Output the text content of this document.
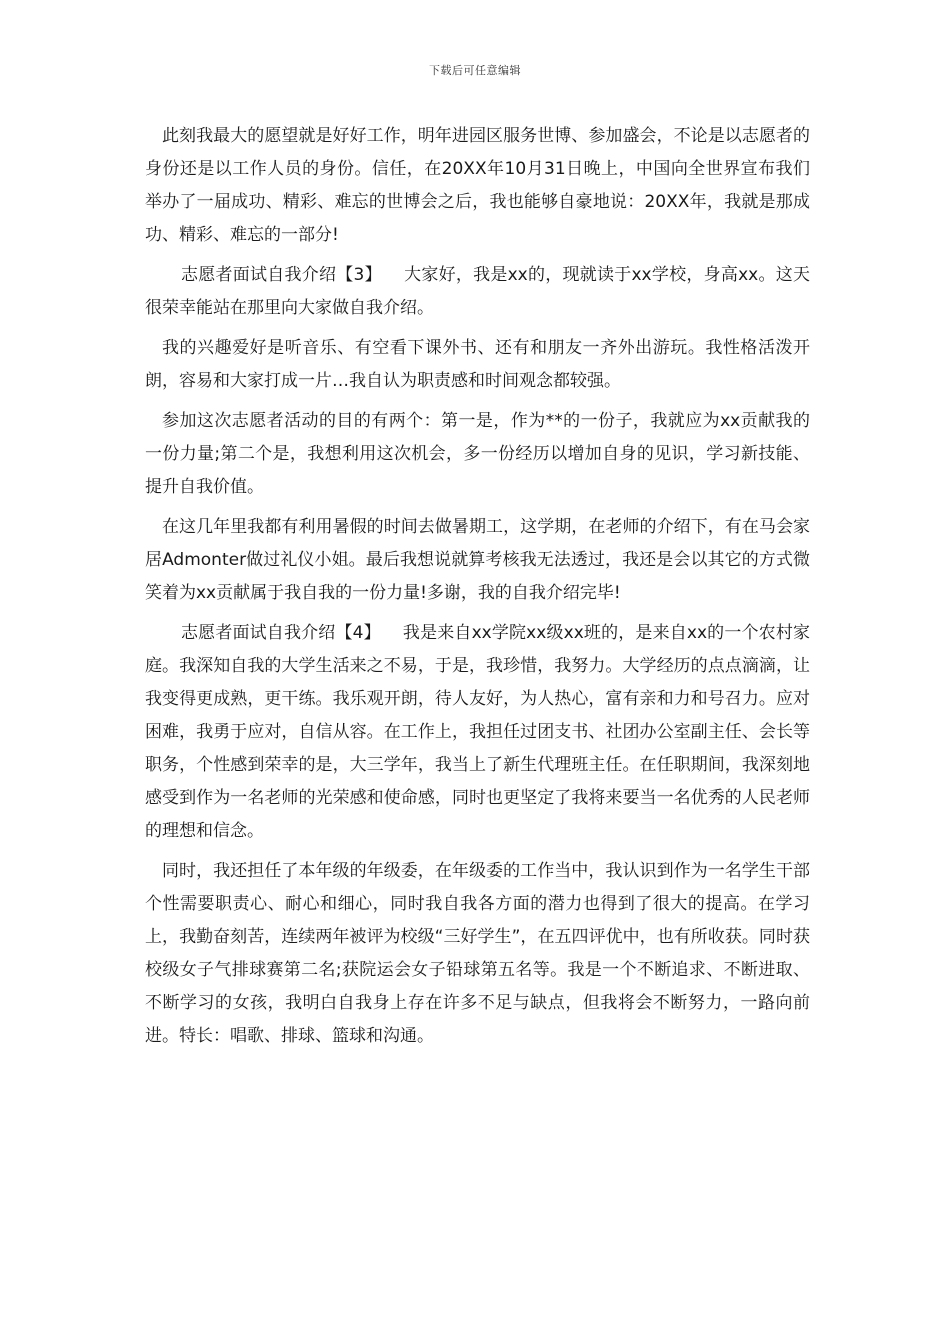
下载后可任意编辑

此刻我最大的愿望就是好好工作，明年进园区服务世博、参加盛会，不论是以志愿者的身份还是以工作人员的身份。信任，在20XX年10月31日晚上，中国向全世界宣布我们举办了一届成功、精彩、难忘的世博会之后，我也能够自豪地说：20XX年，我就是那成功、精彩、难忘的一部分!

志愿者面试自我介绍【3】 大家好，我是xx的，现就读于xx学校，身高xx。这天很荣幸能站在那里向大家做自我介绍。

我的兴趣爱好是听音乐、有空看下课外书、还有和朋友一齐外出游玩。我性格活泼开朗，容易和大家打成一片…我自认为职责感和时间观念都较强。

参加这次志愿者活动的目的有两个：第一是，作为**的一份子，我就应为xx贡献我的一份力量;第二个是，我想利用这次机会，多一份经历以增加自身的见识，学习新技能、提升自我价值。

在这几年里我都有利用暑假的时间去做暑期工，这学期，在老师的介绍下，有在马会家居Admonter做过礼仪小姐。最后我想说就算考核我无法透过，我还是会以其它的方式微笑着为xx贡献属于我自我的一份力量!多谢，我的自我介绍完毕!

志愿者面试自我介绍【4】 我是来自xx学院xx级xx班的，是来自xx的一个农村家庭。我深知自我的大学生活来之不易，于是，我珍惜，我努力。大学经历的点点滴滴，让我变得更成熟，更干练。我乐观开朗，待人友好，为人热心，富有亲和力和号召力。应对困难，我勇于应对，自信从容。在工作上，我担任过团支书、社团办公室副主任、会长等职务，个性感到荣幸的是，大三学年，我当上了新生代理班主任。在任职期间，我深刻地感受到作为一名老师的光荣感和使命感，同时也更坚定了我将来要当一名优秀的人民老师的理想和信念。

同时，我还担任了本年级的年级委，在年级委的工作当中，我认识到作为一名学生干部个性需要职责心、耐心和细心，同时我自我各方面的潜力也得到了很大的提高。在学习上，我勤奋刻苦，连续两年被评为校级“三好学生”，在五四评优中，也有所收获。同时获校级女子气排球赛第二名;获院运会女子铅球第五名等。我是一个不断追求、不断进取、不断学习的女孩，我明白自我身上存在许多不足与缺点，但我将会不断努力，一路向前进。特长：唱歌、排球、篮球和沟通。
